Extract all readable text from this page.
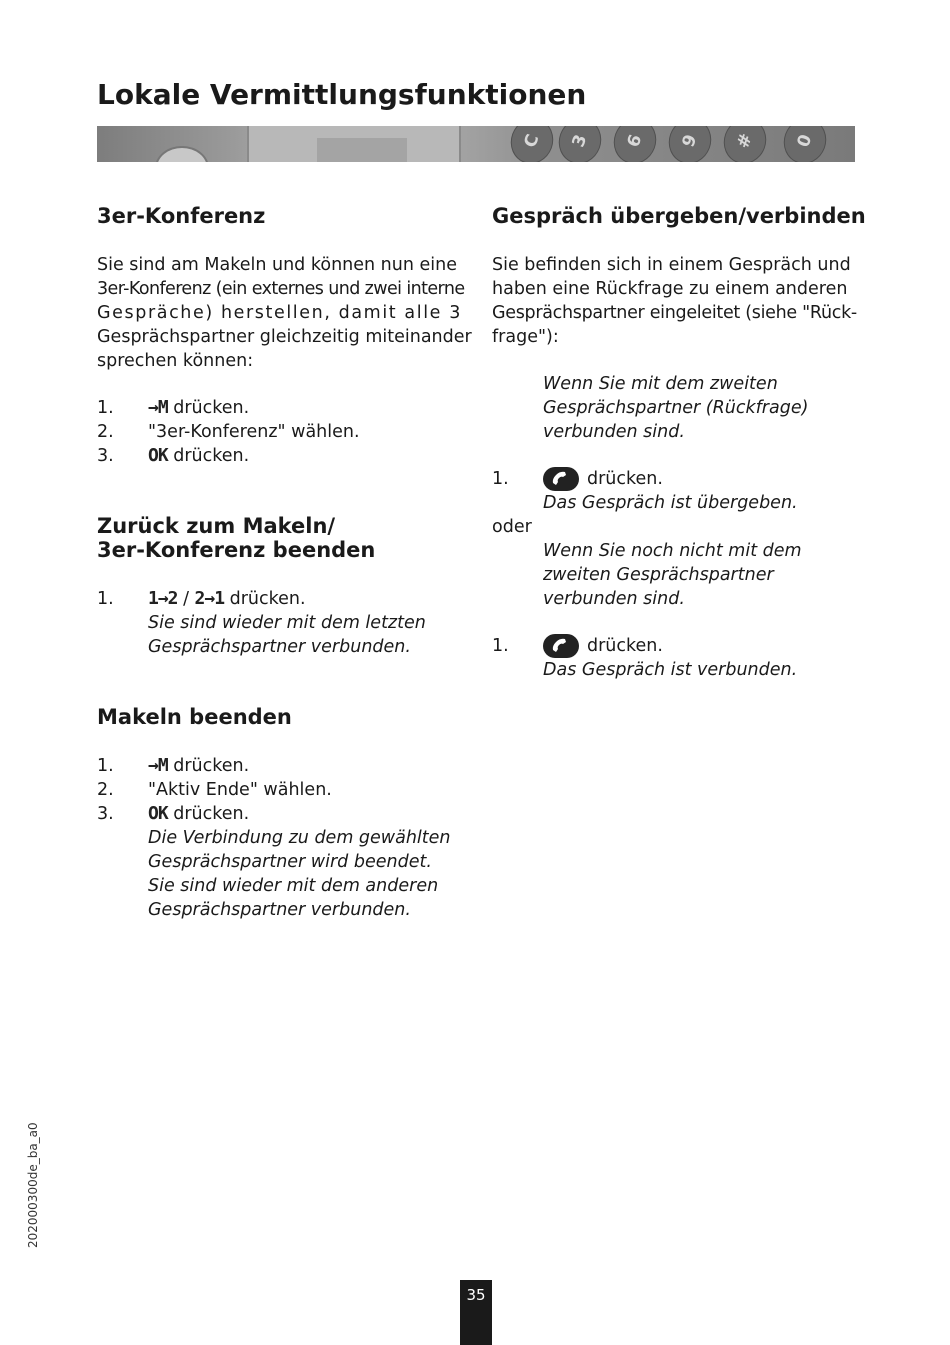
Lokale Vermittlungsfunktionen
C	3	6	9	#	0
3er-Konferenz
Sie sind am Makeln und können nun eine
3er-Konferenz (ein externes und zwei interne
Gespräche) herstellen, damit alle 3
Gesprächspartner gleichzeitig miteinander
sprechen können:
1. →M drücken.
2. "3er-Konferenz" wählen.
3. OK drücken.
Zurück zum Makeln/
3er-Konferenz beenden
1. 1→2 / 2→1 drücken.
Sie sind wieder mit dem letzten
Gesprächspartner verbunden.
Makeln beenden
1. →M drücken.
2. "Aktiv Ende" wählen.
3. OK drücken.
Die Verbindung zu dem gewählten
Gesprächspartner wird beendet.
Sie sind wieder mit dem anderen
Gesprächspartner verbunden.
Gespräch übergeben/verbinden
Sie befinden sich in einem Gespräch und
haben eine Rückfrage zu einem anderen
Gesprächspartner eingeleitet (siehe "Rück-
frage"):
Wenn Sie mit dem zweiten
Gesprächspartner (Rückfrage)
verbunden sind.
1.	drücken.
Das Gespräch ist übergeben.
oder
Wenn Sie noch nicht mit dem
zweiten Gesprächspartner
verbunden sind.
1.	drücken.
Das Gespräch ist verbunden.
202000300de_ba_a0
35
